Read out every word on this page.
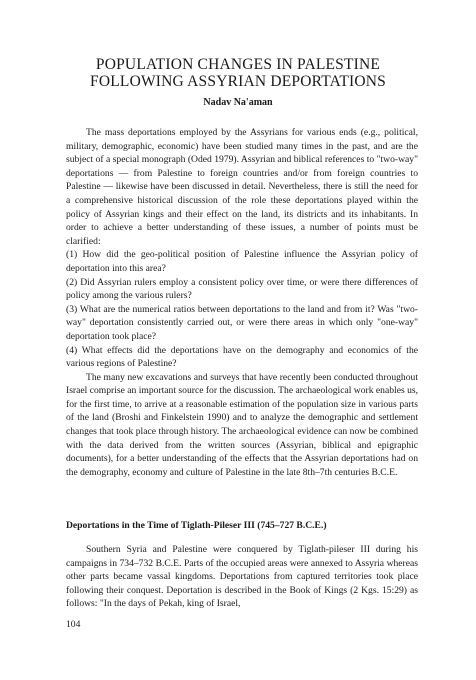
POPULATION CHANGES IN PALESTINE
FOLLOWING ASSYRIAN DEPORTATIONS
Nadav Na'aman

The mass deportations employed by the Assyrians for various ends (e.g., political, military, demographic, economic) have been studied many times in the past, and are the subject of a special monograph (Oded 1979). Assyrian and biblical references to "two-way" deportations — from Palestine to foreign countries and/or from foreign countries to Palestine — likewise have been discussed in detail. Nevertheless, there is still the need for a comprehensive historical discussion of the role these deportations played within the policy of Assyrian kings and their effect on the land, its districts and its inhabitants. In order to achieve a better understanding of these issues, a number of points must be clarified:

(1) How did the geo-political position of Palestine influence the Assyrian policy of deportation into this area?

(2) Did Assyrian rulers employ a consistent policy over time, or were there differences of policy among the various rulers?

(3) What are the numerical ratios between deportations to the land and from it? Was "two-way" deportation consistently carried out, or were there areas in which only "one-way" deportation took place?

(4) What effects did the deportations have on the demography and economics of the various regions of Palestine?

The many new excavations and surveys that have recently been conducted throughout Israel comprise an important source for the discussion. The archaeological work enables us, for the first time, to arrive at a reasonable estimation of the population size in various parts of the land (Broshi and Finkelstein 1990) and to analyze the demographic and settlement changes that took place through history. The archaeological evidence can now be combined with the data derived from the written sources (Assyrian, biblical and epigraphic documents), for a better understanding of the effects that the Assyrian deportations had on the demography, economy and culture of Palestine in the late 8th–7th centuries B.C.E.

Deportations in the Time of Tiglath-Pileser III (745–727 B.C.E.)

Southern Syria and Palestine were conquered by Tiglath-pileser III during his campaigns in 734–732 B.C.E. Parts of the occupied areas were annexed to Assyria whereas other parts became vassal kingdoms. Deportations from captured territories took place following their conquest. Deportation is described in the Book of Kings (2 Kgs. 15:29) as follows: "In the days of Pekah, king of Israel,

104
